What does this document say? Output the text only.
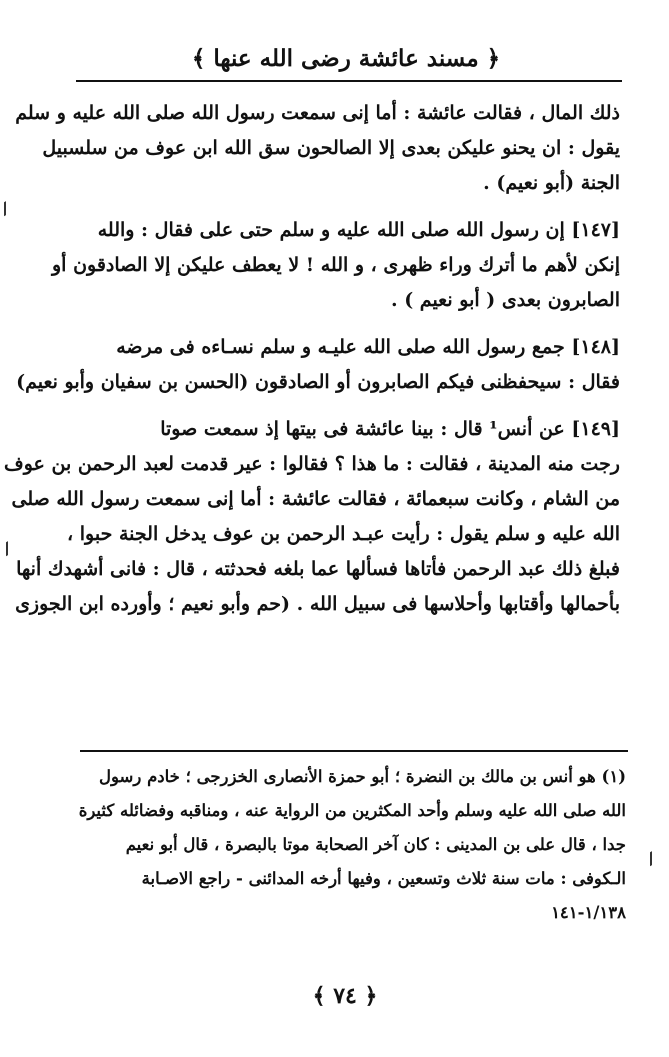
﴿ مسند عائشة رضى الله عنها ﴾
ذلك المال ، فقالت عائشة : أما إنى سمعت رسول الله صلى الله عليه و سلم
يقول : ان يحنو عليكن بعدى إلا الصالحون سق الله ابن عوف من سلسبيل
الجنة (أبو نعيم) .
[١٤٧] إن رسول الله صلى الله عليه و سلم حتى على فقال : والله
إنكن لأهم ما أترك وراء ظهرى ، و الله ! لا يعطف عليكن إلا الصادقون أو
الصابرون بعدى ( أبو نعيم ) .
[١٤٨] جمع رسول الله صلى الله عليـه و سلم نسـاءه فى مرضه
فقال : سيحفظنى فيكم الصابرون أو الصادقون (الحسن بن سفيان وأبو نعيم)
[١٤٩] عن أنس¹ قال : بينا عائشة فى بيتها إذ سمعت صوتا
رجت منه المدينة ، فقالت : ما هذا ؟ فقالوا : عير قدمت لعبد الرحمن بن عوف
من الشام ، وكانت سبعمائة ، فقالت عائشة : أما إنى سمعت رسول الله صلى
الله عليه و سلم يقول : رأيت عبـد الرحمن بن عوف يدخل الجنة حبوا ،
فبلغ ذلك عبد الرحمن فأتاها فسألها عما بلغه فحدثته ، قال : فانى أشهدك أنها
بأحمالها وأقتابها وأحلاسها فى سبيل الله . (حم وأبو نعيم ؛ وأورده ابن الجوزى
(١) هو أنس بن مالك بن النضرة ؛ أبو حمزة الأنصارى الخزرجى ؛ خادم رسول
الله صلى الله عليه وسلم وأحد المكثرين من الرواية عنه ، ومناقبه وفضائله كثيرة
جدا ، قال على بن المدينى : كان آخر الصحابة موتا بالبصرة ، قال أبو نعيم
الـكوفى : مات سنة ثلاث وتسعين ، وفيها أرخه المدائنى - راجع الاصـابة
١/١٣٨-١٤١
﴿ ٧٤ ﴾
